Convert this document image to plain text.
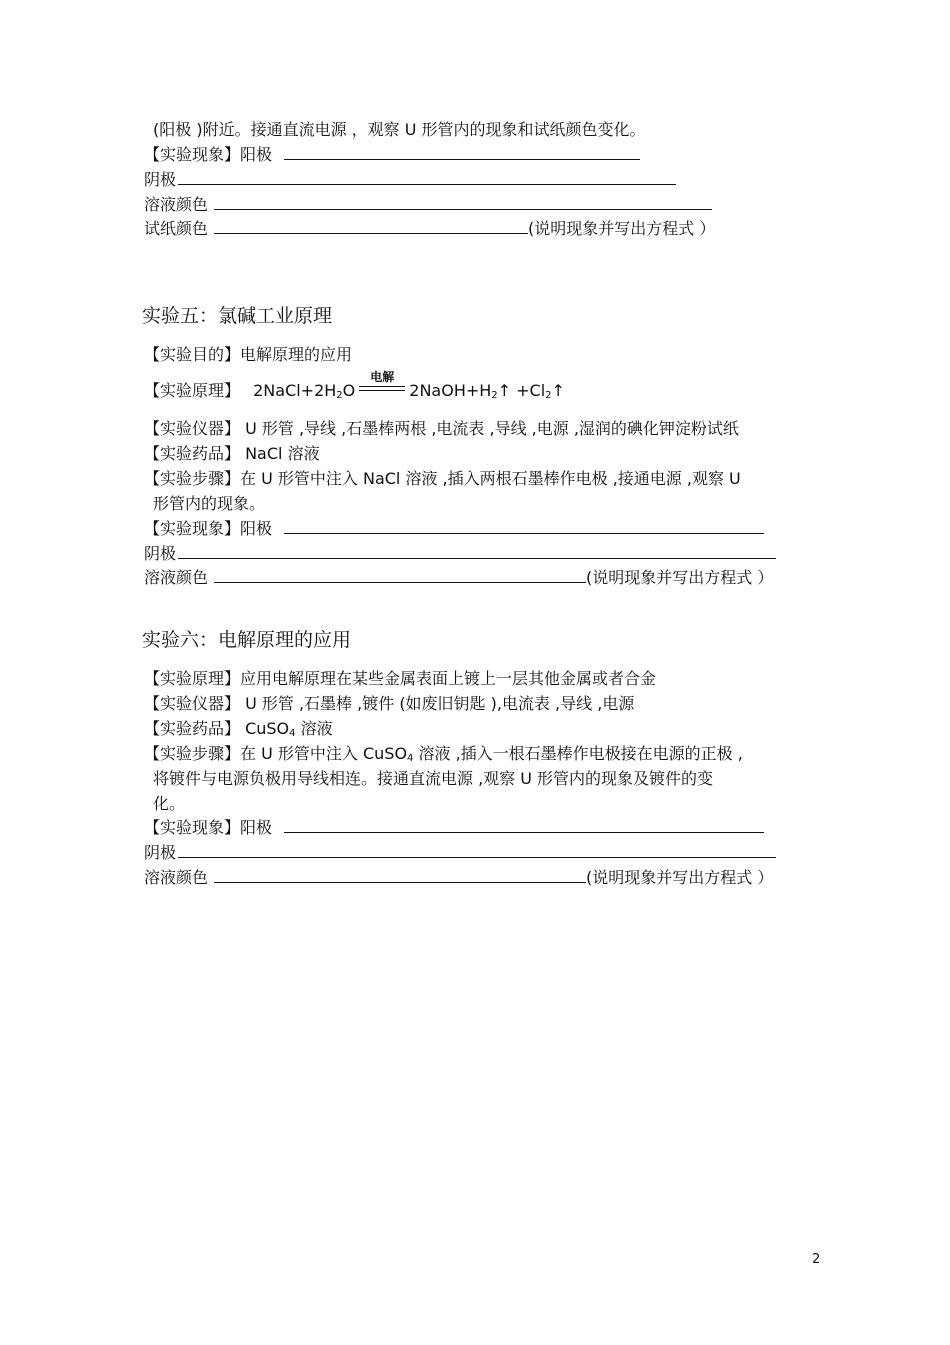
(阳极 )附近。接通直流电源 ，观察 U 形管内的现象和试纸颜色变化。
【实验现象】阳极
阴极
溶液颜色
试纸颜色	(说明现象并写出方程式 ）
实验五：氯碱工业原理
【实验目的】电解原理的应用
【实验原理】 $2NaCl+2H_2O$
电解
$2NaOH+H_2↑$ $+Cl_2↑$
【实验仪器】 U 形管 ,导线 ,石墨棒两根 ,电流表 ,导线 ,电源 ,湿润的碘化钾淀粉试纸
【实验药品】 NaCl 溶液
【实验步骤】在 U 形管中注入 NaCl 溶液 ,插入两根石墨棒作电极 ,接通电源 ,观察 U
形管内的现象。
【实验现象】阳极
阴极
溶液颜色	(说明现象并写出方程式 ）
实验六：电解原理的应用
【实验原理】应用电解原理在某些金属表面上镀上一层其他金属或者合金
【实验仪器】 U 形管 ,石墨棒 ,镀件 (如废旧钥匙 ),电流表 ,导线 ,电源
【实验药品】 CuSO$_4$ 溶液
【实验步骤】在 U 形管中注入 CuSO$_4$ 溶液 ,插入一根石墨棒作电极接在电源的正极 ,
将镀件与电源负极用导线相连。接通直流电源 ,观察 U 形管内的现象及镀件的变
化。
【实验现象】阳极
阴极
溶液颜色	(说明现象并写出方程式 ）
2
